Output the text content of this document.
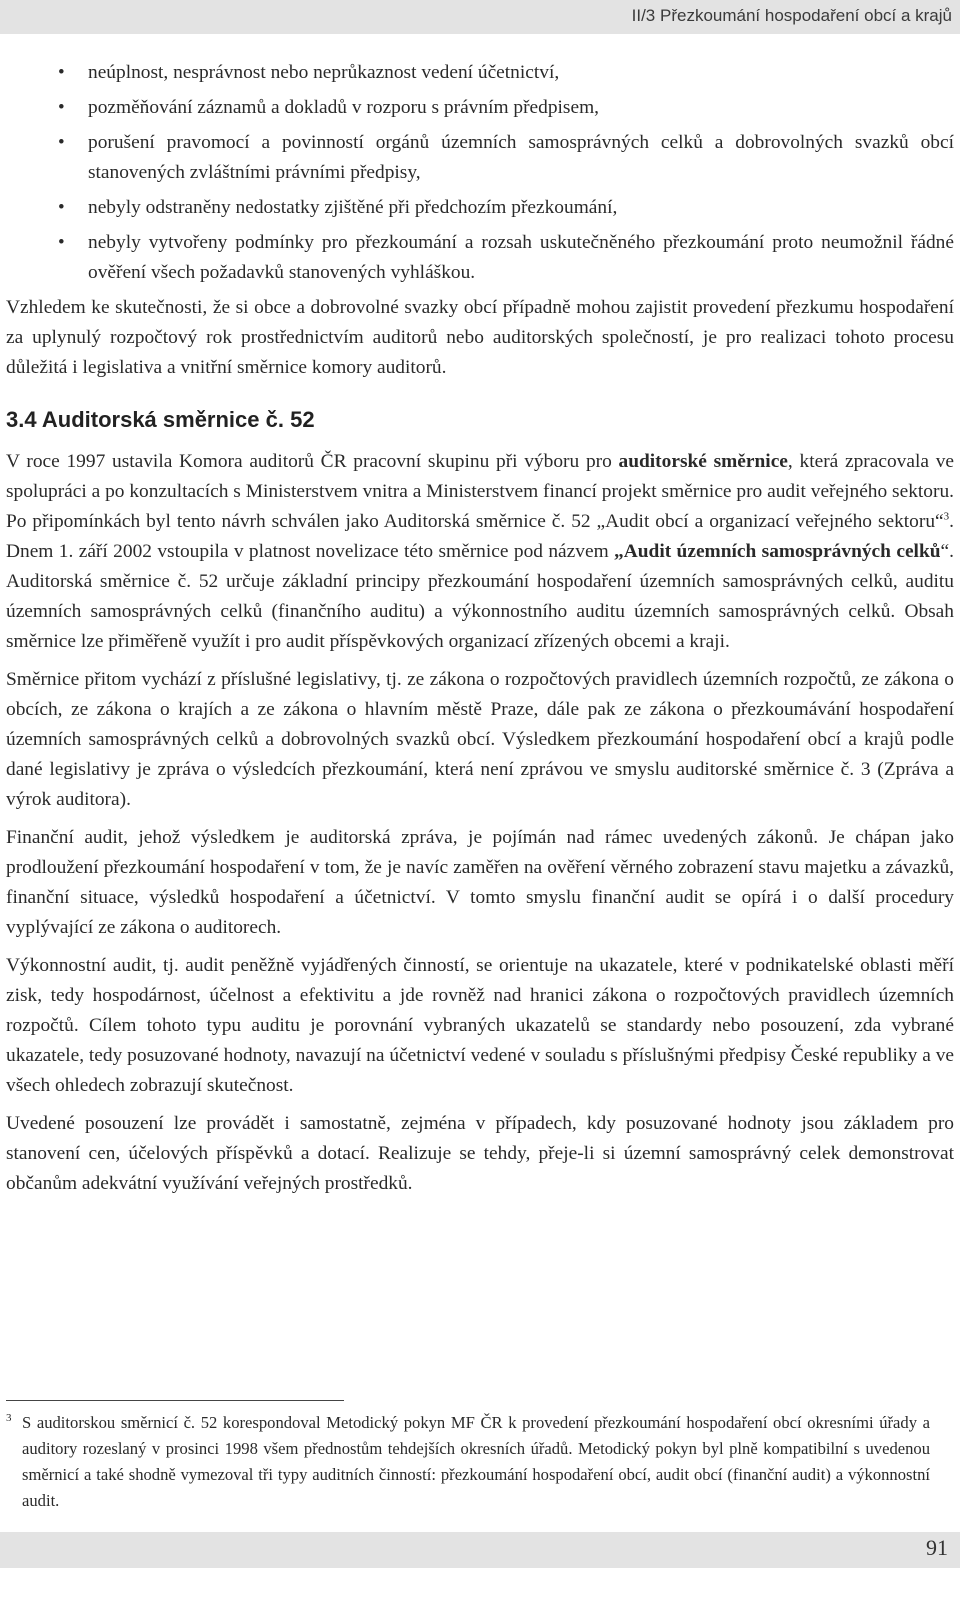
II/3 Přezkoumání hospodaření obcí a krajů
• neúplnost, nesprávnost nebo neprůkaznost vedení účetnictví,
• pozměňování záznamů a dokladů v rozporu s právním předpisem,
• porušení pravomocí a povinností orgánů územních samosprávných celků a dobrovolných svazků obcí stanovených zvláštními právními předpisy,
• nebyly odstraněny nedostatky zjištěné při předchozím přezkoumání,
• nebyly vytvořeny podmínky pro přezkoumání a rozsah uskutečněného přezkoumání proto neumožnil řádné ověření všech požadavků stanovených vyhláškou.

Vzhledem ke skutečnosti, že si obce a dobrovolné svazky obcí případně mohou zajistit provedení přezkumu hospodaření za uplynulý rozpočtový rok prostřednictvím auditorů nebo auditorských společností, je pro realizaci tohoto procesu důležitá i legislativa a vnitřní směrnice komory auditorů.

3.4 Auditorská směrnice č. 52

V roce 1997 ustavila Komora auditorů ČR pracovní skupinu při výboru pro auditorské směrnice, která zpracovala ve spolupráci a po konzultacích s Ministerstvem vnitra a Ministerstvem financí projekt směrnice pro audit veřejného sektoru. Po připomínkách byl tento návrh schválen jako Auditorská směrnice č. 52 „Audit obcí a organizací veřejného sektoru“$^3$. Dnem 1. září 2002 vstoupila v platnost novelizace této směrnice pod názvem „Audit územních samosprávných celků“. Auditorská směrnice č. 52 určuje základní principy přezkoumání hospodaření územních samosprávných celků, auditu územních samosprávných celků (finančního auditu) a výkonnostního auditu územních samosprávných celků. Obsah směrnice lze přiměřeně využít i pro audit příspěvkových organizací zřízených obcemi a kraji.

Směrnice přitom vychází z příslušné legislativy, tj. ze zákona o rozpočtových pravidlech územních rozpočtů, ze zákona o obcích, ze zákona o krajích a ze zákona o hlavním městě Praze, dále pak ze zákona o přezkoumávání hospodaření územních samosprávných celků a dobrovolných svazků obcí. Výsledkem přezkoumání hospodaření obcí a krajů podle dané legislativy je zpráva o výsledcích přezkoumání, která není zprávou ve smyslu auditorské směrnice č. 3 (Zpráva a výrok auditora).

Finanční audit, jehož výsledkem je auditorská zpráva, je pojímán nad rámec uvedených zákonů. Je chápan jako prodloužení přezkoumání hospodaření v tom, že je navíc zaměřen na ověření věrného zobrazení stavu majetku a závazků, finanční situace, výsledků hospodaření a účetnictví. V tomto smyslu finanční audit se opírá i o další procedury vyplývající ze zákona o auditorech.

Výkonnostní audit, tj. audit peněžně vyjádřených činností, se orientuje na ukazatele, které v podnikatelské oblasti měří zisk, tedy hospodárnost, účelnost a efektivitu a jde rovněž nad hranici zákona o rozpočtových pravidlech územních rozpočtů. Cílem tohoto typu auditu je porovnání vybraných ukazatelů se standardy nebo posouzení, zda vybrané ukazatele, tedy posuzované hodnoty, navazují na účetnictví vedené v souladu s příslušnými předpisy České republiky a ve všech ohledech zobrazují skutečnost.

Uvedené posouzení lze provádět i samostatně, zejména v případech, kdy posuzované hodnoty jsou základem pro stanovení cen, účelových příspěvků a dotací. Realizuje se tehdy, přeje-li si územní samosprávný celek demonstrovat občanům adekvátní využívání veřejných prostředků.

3 S auditorskou směrnicí č. 52 korespondoval Metodický pokyn MF ČR k provedení přezkoumání hospodaření obcí okresními úřady a auditory rozeslaný v prosinci 1998 všem přednostům tehdejších okresních úřadů. Metodický pokyn byl plně kompatibilní s uvedenou směrnicí a také shodně vymezoval tři typy auditních činností: přezkoumání hospodaření obcí, audit obcí (finanční audit) a výkonnostní audit.
91
